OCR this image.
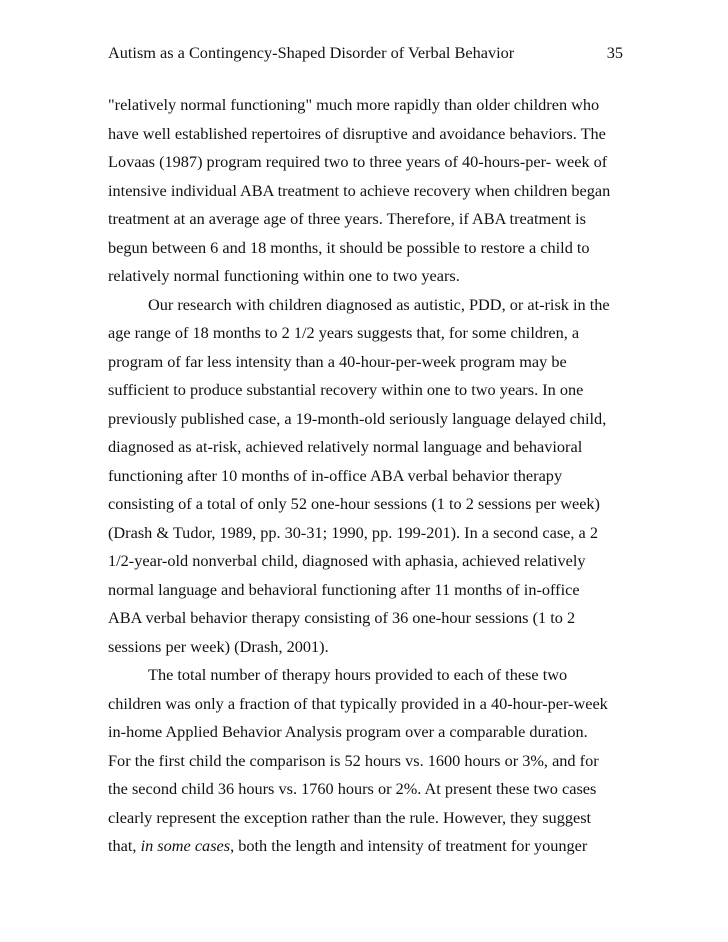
Autism as a Contingency-Shaped Disorder of Verbal Behavior	35
"relatively normal functioning" much more rapidly than older children who
have well established repertoires of disruptive and avoidance behaviors. The
Lovaas (1987) program required two to three years of 40-hours-per- week of
intensive individual ABA treatment to achieve recovery when children began
treatment at an average age of three years. Therefore, if ABA treatment is
begun between 6 and 18 months, it should be possible to restore a child to
relatively normal functioning within one to two years.
Our research with children diagnosed as autistic, PDD, or at-risk in the
age range of 18 months to 2 1/2 years suggests that, for some children, a
program of far less intensity than a 40-hour-per-week program may be
sufficient to produce substantial recovery within one to two years. In one
previously published case, a 19-month-old seriously language delayed child,
diagnosed as at-risk, achieved relatively normal language and behavioral
functioning after 10 months of in-office ABA verbal behavior therapy
consisting of a total of only 52 one-hour sessions (1 to 2 sessions per week)
(Drash & Tudor, 1989, pp. 30-31; 1990, pp. 199-201). In a second case, a 2
1/2-year-old nonverbal child, diagnosed with aphasia, achieved relatively
normal language and behavioral functioning after 11 months of in-office
ABA verbal behavior therapy consisting of 36 one-hour sessions (1 to 2
sessions per week) (Drash, 2001).
The total number of therapy hours provided to each of these two
children was only a fraction of that typically provided in a 40-hour-per-week
in-home Applied Behavior Analysis program over a comparable duration.
For the first child the comparison is 52 hours vs. 1600 hours or 3%, and for
the second child 36 hours vs. 1760 hours or 2%. At present these two cases
clearly represent the exception rather than the rule. However, they suggest
that, in some cases, both the length and intensity of treatment for younger
